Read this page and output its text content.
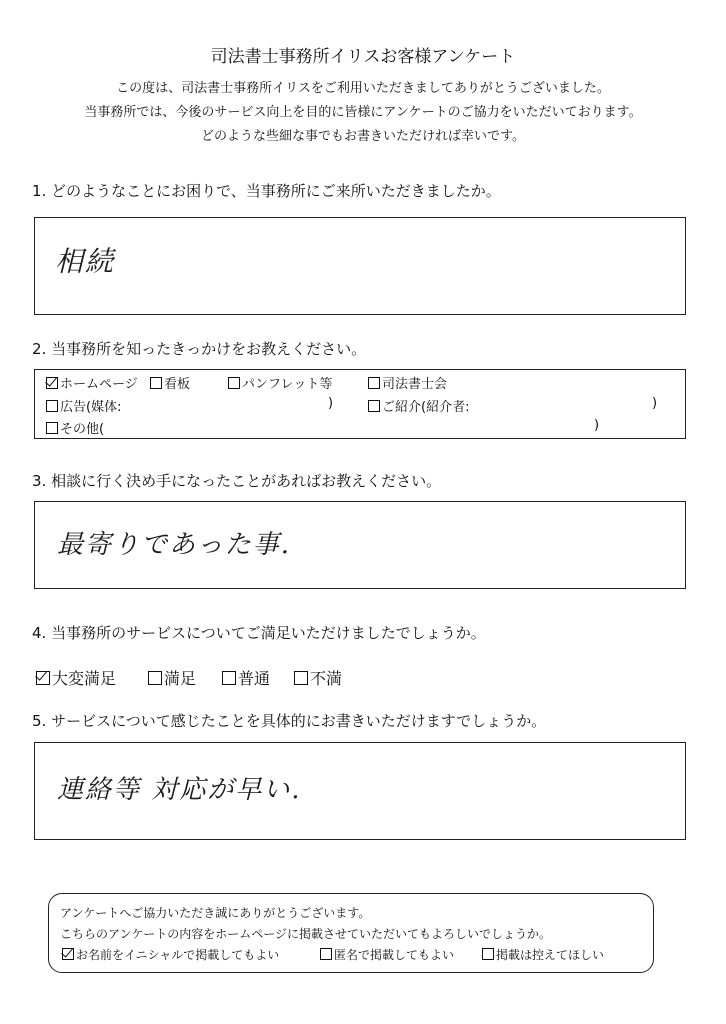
司法書士事務所イリスお客様アンケート
この度は、司法書士事務所イリスをご利用いただきましてありがとうございました。
当事務所では、今後のサービス向上を目的に皆様にアンケートのご協力をいただいております。
どのような些細な事でもお書きいただければ幸いです。
1. どのようなことにお困りで、当事務所にご来所いただきましたか。
相続
2. 当事務所を知ったきっかけをお教えください。
ホームページ	看板	パンフレット等	司法書士会
広告(媒体:	)	ご紹介(紹介者:	)
その他(	)
3. 相談に行く決め手になったことがあればお教えください。
最寄りであった事.
4. 当事務所のサービスについてご満足いただけましたでしょうか。
大変満足	満足	普通	不満
5. サービスについて感じたことを具体的にお書きいただけますでしょうか。
連絡等 対応が早い.
アンケートへご協力いただき誠にありがとうございます。
こちらのアンケートの内容をホームページに掲載させていただいてもよろしいでしょうか。
お名前をイニシャルで掲載してもよい	匿名で掲載してもよい	掲載は控えてほしい
